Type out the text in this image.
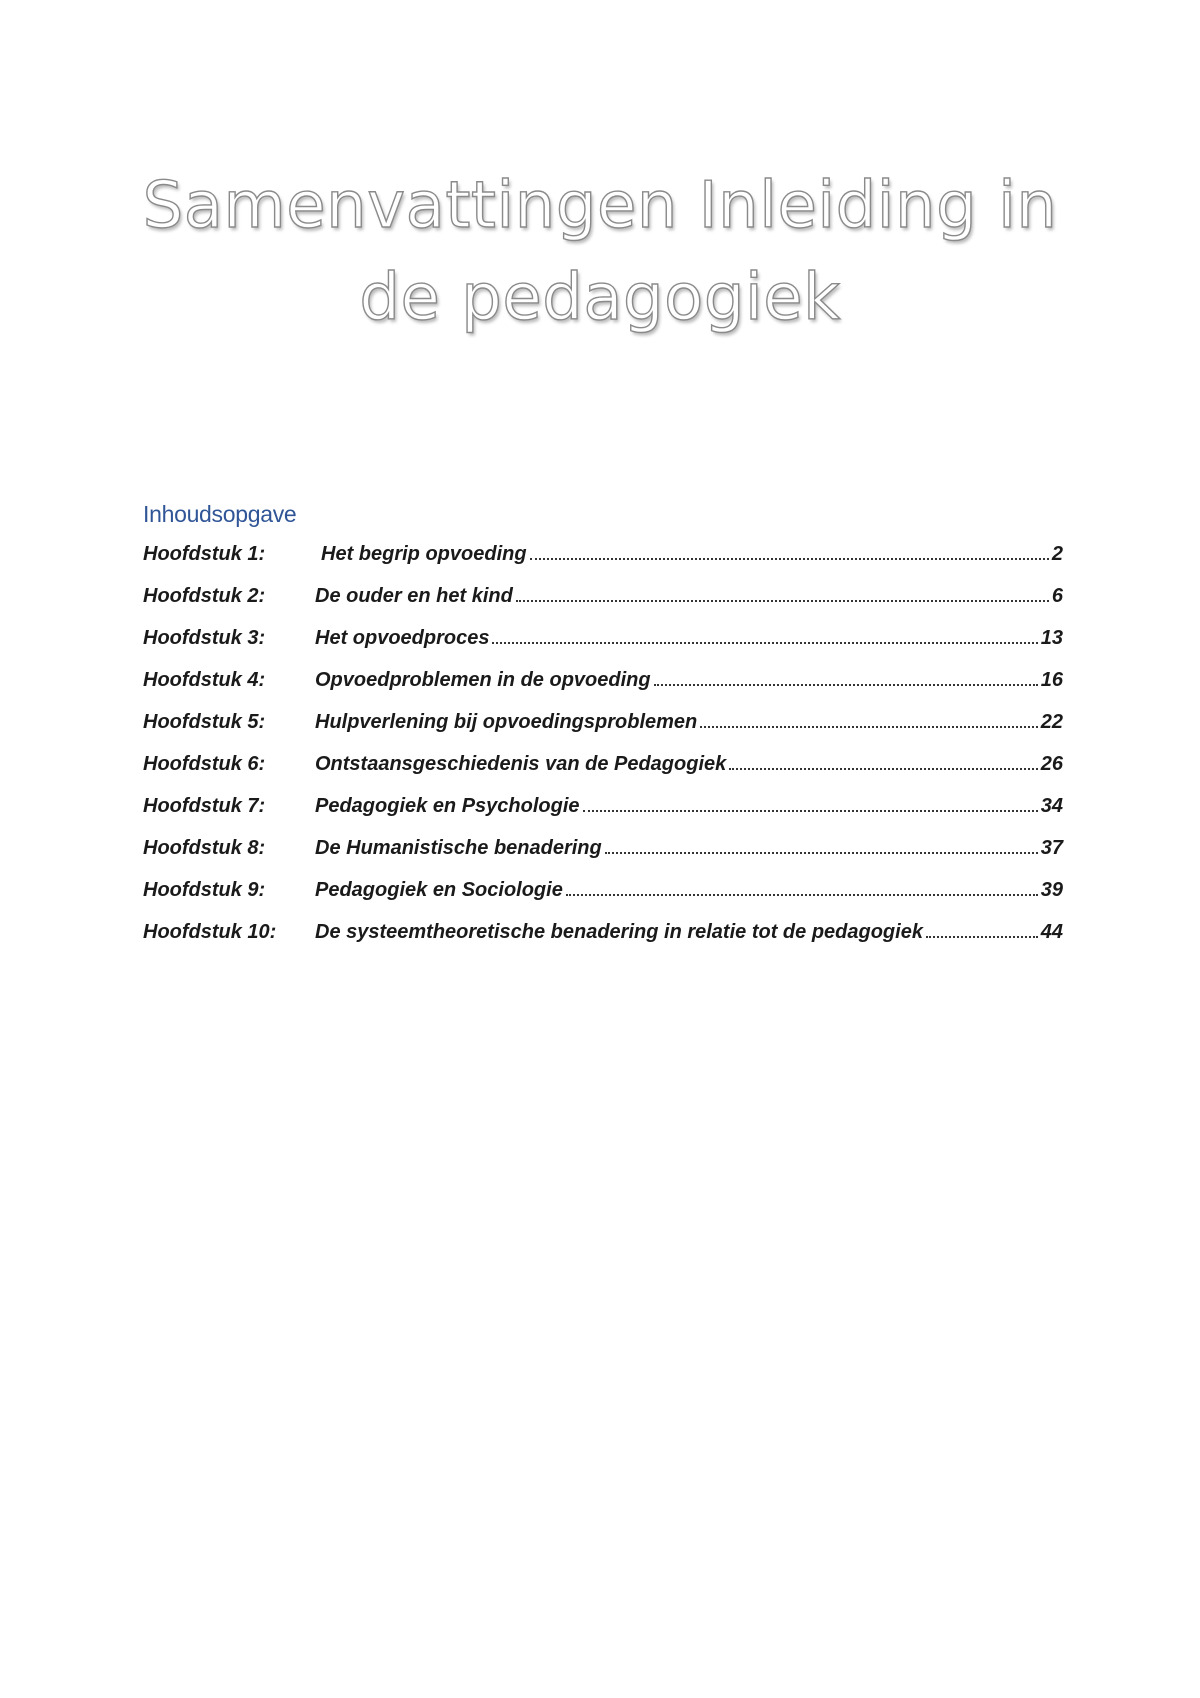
Samenvattingen Inleiding in
de pedagogiek
Inhoudsopgave
Hoofdstuk 1:	Het begrip opvoeding	2
Hoofdstuk 2:	De ouder en het kind	6
Hoofdstuk 3:	Het opvoedproces	13
Hoofdstuk 4:	Opvoedproblemen in de opvoeding	16
Hoofdstuk 5:	Hulpverlening bij opvoedingsproblemen	22
Hoofdstuk 6:	Ontstaansgeschiedenis van de Pedagogiek	26
Hoofdstuk 7:	Pedagogiek en Psychologie	34
Hoofdstuk 8:	De Humanistische benadering	37
Hoofdstuk 9:	Pedagogiek en Sociologie	39
Hoofdstuk 10:	De systeemtheoretische benadering in relatie tot de pedagogiek	44
